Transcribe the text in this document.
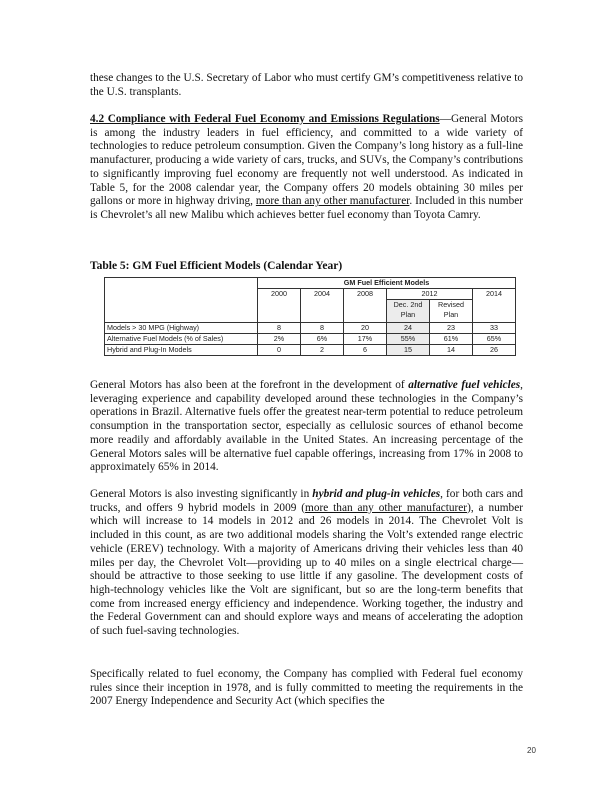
these changes to the U.S. Secretary of Labor who must certify GM’s competitiveness relative to the U.S. transplants.

4.2 Compliance with Federal Fuel Economy and Emissions Regulations—General Motors is among the industry leaders in fuel efficiency, and committed to a wide variety of technologies to reduce petroleum consumption. Given the Company’s long history as a full-line manufacturer, producing a wide variety of cars, trucks, and SUVs, the Company’s contributions to significantly improving fuel economy are frequently not well understood. As indicated in Table 5, for the 2008 calendar year, the Company offers 20 models obtaining 30 miles per gallons or more in highway driving, more than any other manufacturer. Included in this number is Chevrolet’s all new Malibu which achieves better fuel economy than Toyota Camry.

Table 5: GM Fuel Efficient Models (Calendar Year)
	GM Fuel Efficient Models					
	2000	2004	2008	2012		2014
				Dec. 2nd Plan	Revised Plan	
Models > 30 MPG (Highway)	8	8	20	24	23	33
Alternative Fuel Models (% of Sales)	2%	6%	17%	55%	61%	65%
Hybrid and Plug-In Models	0	2	6	15	14	26

General Motors has also been at the forefront in the development of alternative fuel vehicles, leveraging experience and capability developed around these technologies in the Company’s operations in Brazil. Alternative fuels offer the greatest near-term potential to reduce petroleum consumption in the transportation sector, especially as cellulosic sources of ethanol become more readily and affordably available in the United States. An increasing percentage of the General Motors sales will be alternative fuel capable offerings, increasing from 17% in 2008 to approximately 65% in 2014.

General Motors is also investing significantly in hybrid and plug-in vehicles, for both cars and trucks, and offers 9 hybrid models in 2009 (more than any other manufacturer), a number which will increase to 14 models in 2012 and 26 models in 2014. The Chevrolet Volt is included in this count, as are two additional models sharing the Volt’s extended range electric vehicle (EREV) technology. With a majority of Americans driving their vehicles less than 40 miles per day, the Chevrolet Volt—providing up to 40 miles on a single electrical charge—should be attractive to those seeking to use little if any gasoline. The development costs of high-technology vehicles like the Volt are significant, but so are the long-term benefits that come from increased energy efficiency and independence. Working together, the industry and the Federal Government can and should explore ways and means of accelerating the adoption of such fuel-saving technologies.

Specifically related to fuel economy, the Company has complied with Federal fuel economy rules since their inception in 1978, and is fully committed to meeting the requirements in the 2007 Energy Independence and Security Act (which specifies the

20
